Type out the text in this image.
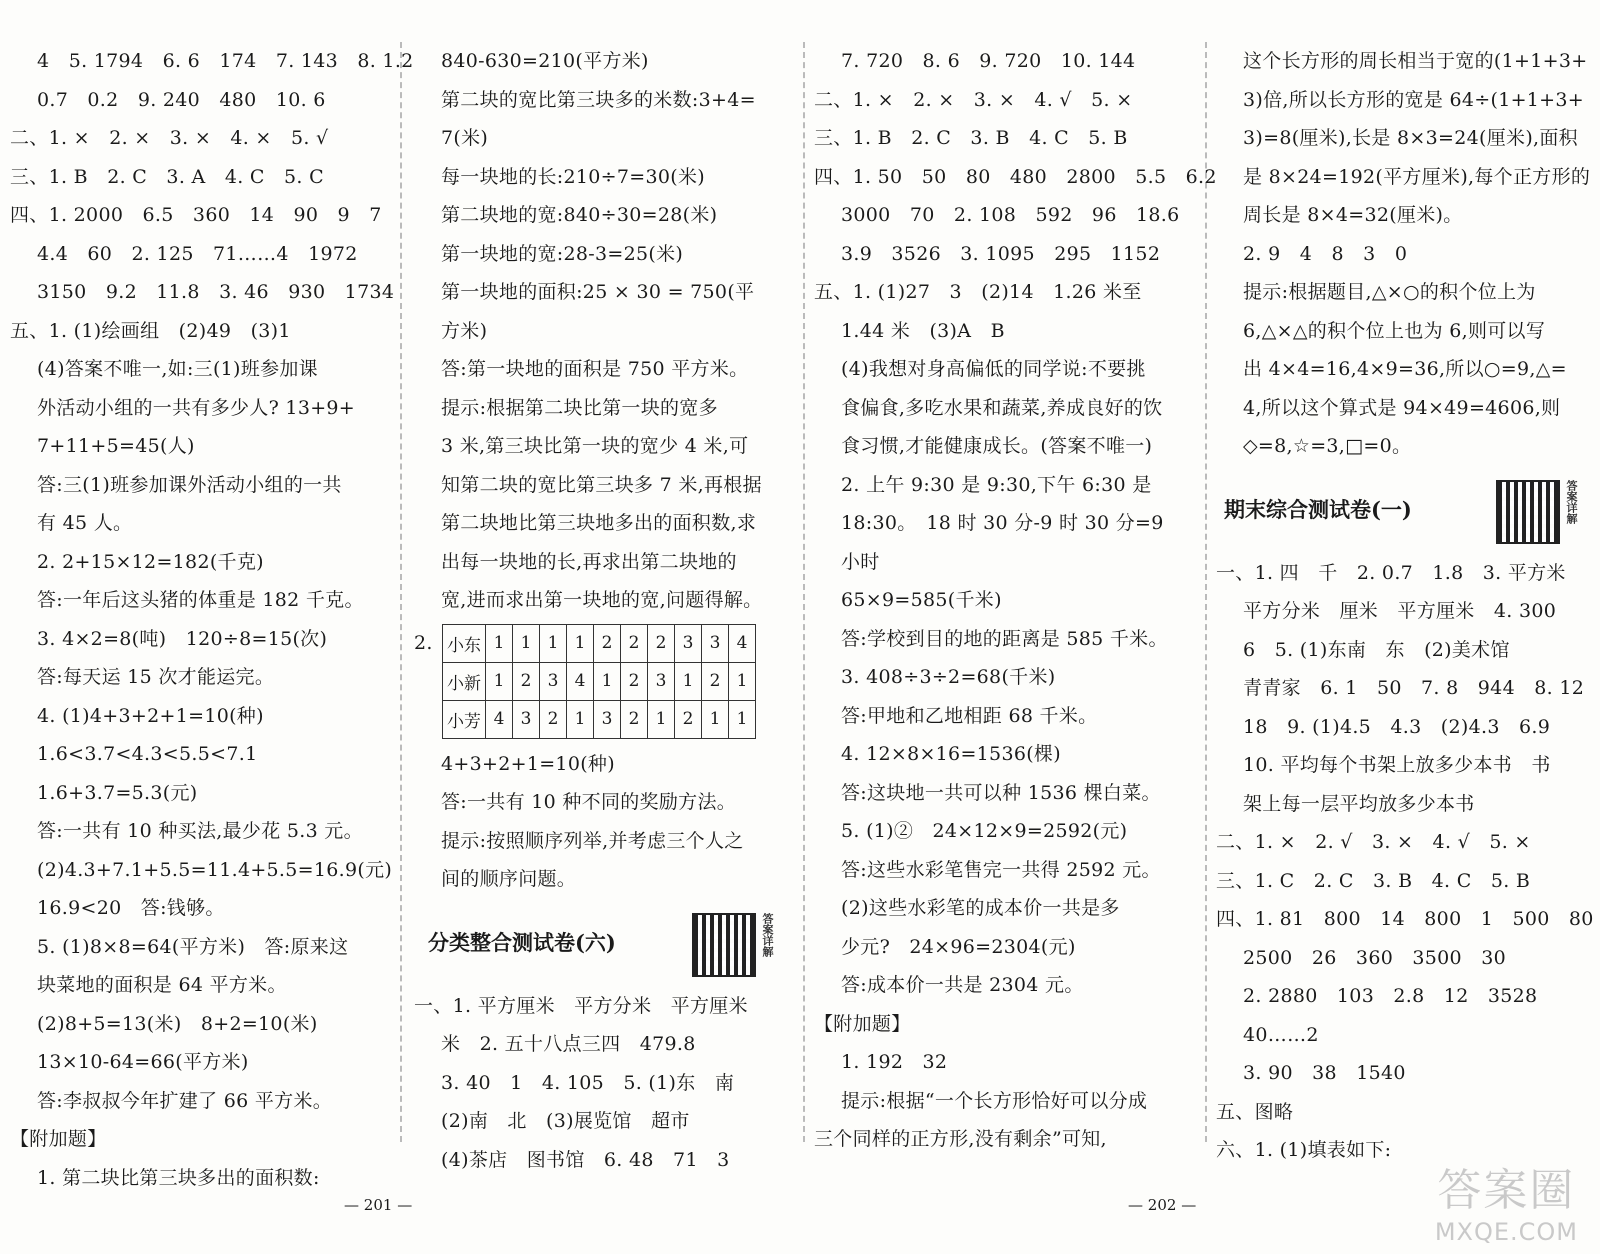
4　5. 1794　6. 6　174　7. 143　8. 1.2
0.7　0.2　9. 240　480　10. 6
二、1. ×　2. ×　3. ×　4. ×　5. √
三、1. B　2. C　3. A　4. C　5. C
四、1. 2000　6.5　360　14　90　9　7
4.4　60　2. 125　71……4　1972
3150　9.2　11.8　3. 46　930　1734
五、1. (1)绘画组　(2)49　(3)1
(4)答案不唯一,如:三(1)班参加课
外活动小组的一共有多少人? 13+9+
7+11+5=45(人)
答:三(1)班参加课外活动小组的一共
有 45 人。
2. 2+15×12=182(千克)
答:一年后这头猪的体重是 182 千克。
3. 4×2=8(吨)　120÷8=15(次)
答:每天运 15 次才能运完。
4. (1)4+3+2+1=10(种)
1.6<3.7<4.3<5.5<7.1
1.6+3.7=5.3(元)
答:一共有 10 种买法,最少花 5.3 元。
(2)4.3+7.1+5.5=11.4+5.5=16.9(元)
16.9<20　答:钱够。
5. (1)8×8=64(平方米)　答:原来这
块菜地的面积是 64 平方米。
(2)8+5=13(米)　8+2=10(米)
13×10-64=66(平方米)
答:李叔叔今年扩建了 66 平方米。
【附加题】
1. 第二块比第三块多出的面积数:
840-630=210(平方米)
第二块的宽比第三块多的米数:3+4=
7(米)
每一块地的长:210÷7=30(米)
第二块地的宽:840÷30=28(米)
第一块地的宽:28-3=25(米)
第一块地的面积:25 × 30 = 750(平
方米)
答:第一块地的面积是 750 平方米。
提示:根据第二块比第一块的宽多
3 米,第三块比第一块的宽少 4 米,可
知第二块的宽比第三块多 7 米,再根据
第二块地比第三块地多出的面积数,求
出每一块地的长,再求出第二块地的
宽,进而求出第一块地的宽,问题得解。
2. 小东	1	1	1	1	2	2	2	3	3	4
小新	1	2	3	4	1	2	3	1	2	1
小芳	4	3	2	1	3	2	1	2	1	1
4+3+2+1=10(种)
答:一共有 10 种不同的奖励方法。
提示:按照顺序列举,并考虑三个人之
间的顺序问题。
分类整合测试卷(六)	答案详解
一、1. 平方厘米　平方分米　平方厘米
米　2. 五十八点三四　479.8
3. 40　1　4. 105　5. (1)东　南
(2)南　北　(3)展览馆　超市
(4)茶店　图书馆　6. 48　71　3
7. 720　8. 6　9. 720　10. 144
二、1. ×　2. ×　3. ×　4. √　5. ×
三、1. B　2. C　3. B　4. C　5. B
四、1. 50　50　80　480　2800　5.5　6.2
3000　70　2. 108　592　96　18.6
3.9　3526　3. 1095　295　1152
五、1. (1)27　3　(2)14　1.26 米至
1.44 米　(3)A　B
(4)我想对身高偏低的同学说:不要挑
食偏食,多吃水果和蔬菜,养成良好的饮
食习惯,才能健康成长。(答案不唯一)
2. 上午 9:30 是 9:30,下午 6:30 是
18:30。　18 时 30 分-9 时 30 分=9
小时
65×9=585(千米)
答:学校到目的地的距离是 585 千米。
3. 408÷3÷2=68(千米)
答:甲地和乙地相距 68 千米。
4. 12×8×16=1536(棵)
答:这块地一共可以种 1536 棵白菜。
5. (1)②　24×12×9=2592(元)
答:这些水彩笔售完一共得 2592 元。
(2)这些水彩笔的成本价一共是多
少元?　24×96=2304(元)
答:成本价一共是 2304 元。
【附加题】
1. 192　32
提示:根据“一个长方形恰好可以分成
三个同样的正方形,没有剩余”可知,
这个长方形的周长相当于宽的(1+1+3+
3)倍,所以长方形的宽是 64÷(1+1+3+
3)=8(厘米),长是 8×3=24(厘米),面积
是 8×24=192(平方厘米),每个正方形的
周长是 8×4=32(厘米)。
2. 9　4　8　3　0
提示:根据题目,△×○的积个位上为
6,△×△的积个位上也为 6,则可以写
出 4×4=16,4×9=36,所以○=9,△=
4,所以这个算式是 94×49=4606,则
◇=8,☆=3,□=0。
期末综合测试卷(一)	答案详解
一、1. 四　千　2. 0.7　1.8　3. 平方米
平方分米　厘米　平方厘米　4. 300
6　5. (1)东南　东　(2)美术馆
青青家　6. 1　50　7. 8　944　8. 12
18　9. (1)4.5　4.3　(2)4.3　6.9
10. 平均每个书架上放多少本书　书
架上每一层平均放多少本书
二、1. ×　2. √　3. ×　4. √　5. ×
三、1. C　2. C　3. B　4. C　5. B
四、1. 81　800　14　800　1　500　80
2500　26　360　3500　30
2. 2880　103　2.8　12　3528
40……2
3. 90　38　1540
五、图略
六、1. (1)填表如下:
— 201 —	— 202 —	答案圈
MXQE.COM
